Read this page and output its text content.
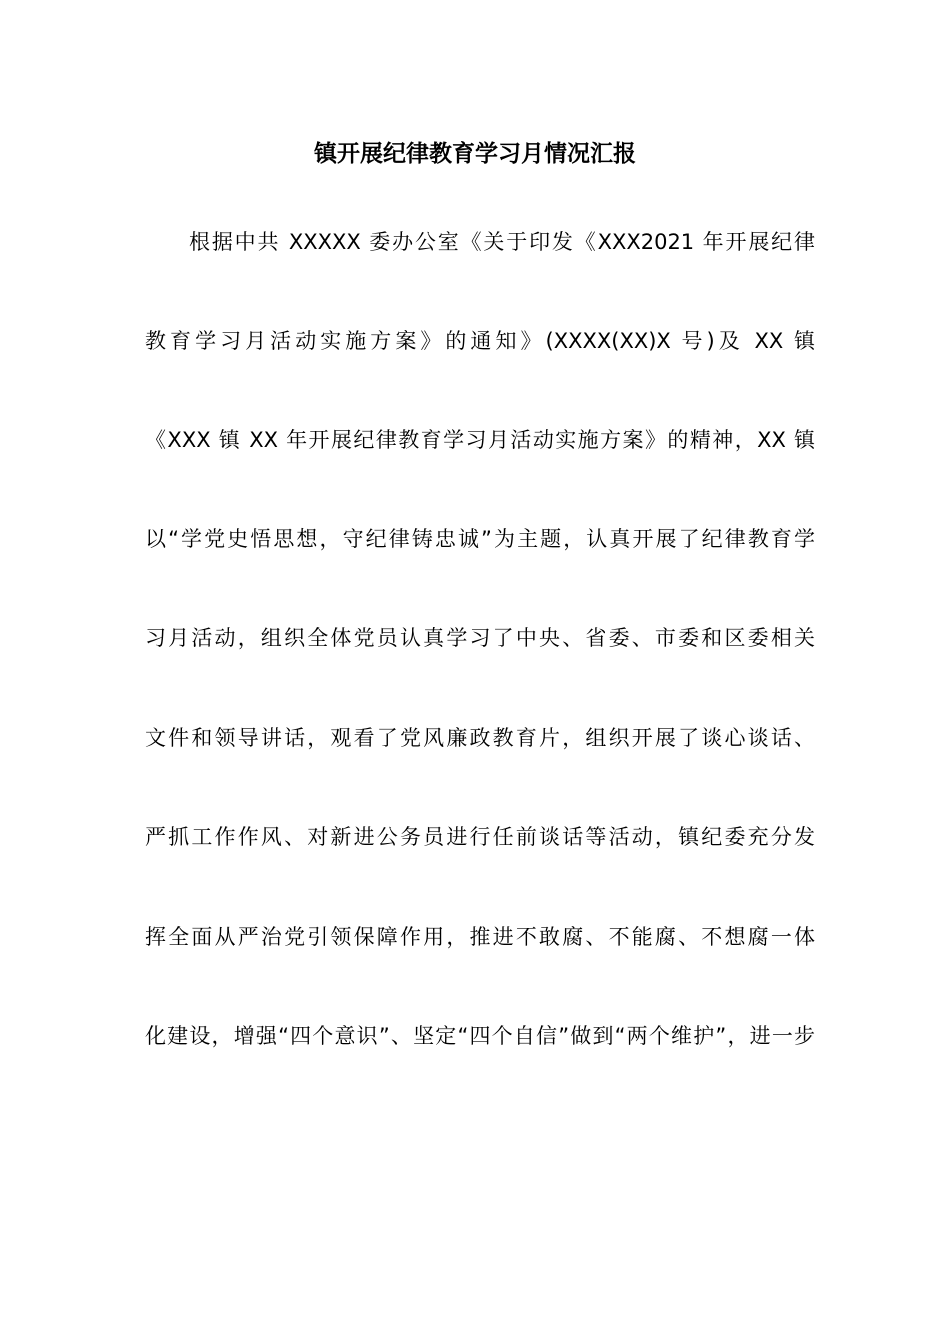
镇开展纪律教育学习月情况汇报
根据中共 XXXXX 委办公室《关于印发《XXX2021 年开展纪律
教育学习月活动实施方案》的通知》(XXXX(XX)X 号)及 XX 镇
《XXX 镇 XX 年开展纪律教育学习月活动实施方案》的精神，XX 镇
以“学党史悟思想，守纪律铸忠诚”为主题，认真开展了纪律教育学
习月活动，组织全体党员认真学习了中央、省委、市委和区委相关
文件和领导讲话，观看了党风廉政教育片，组织开展了谈心谈话、
严抓工作作风、对新进公务员进行任前谈话等活动，镇纪委充分发
挥全面从严治党引领保障作用，推进不敢腐、不能腐、不想腐一体
化建设，增强“四个意识”、坚定“四个自信”做到“两个维护”，进一步
